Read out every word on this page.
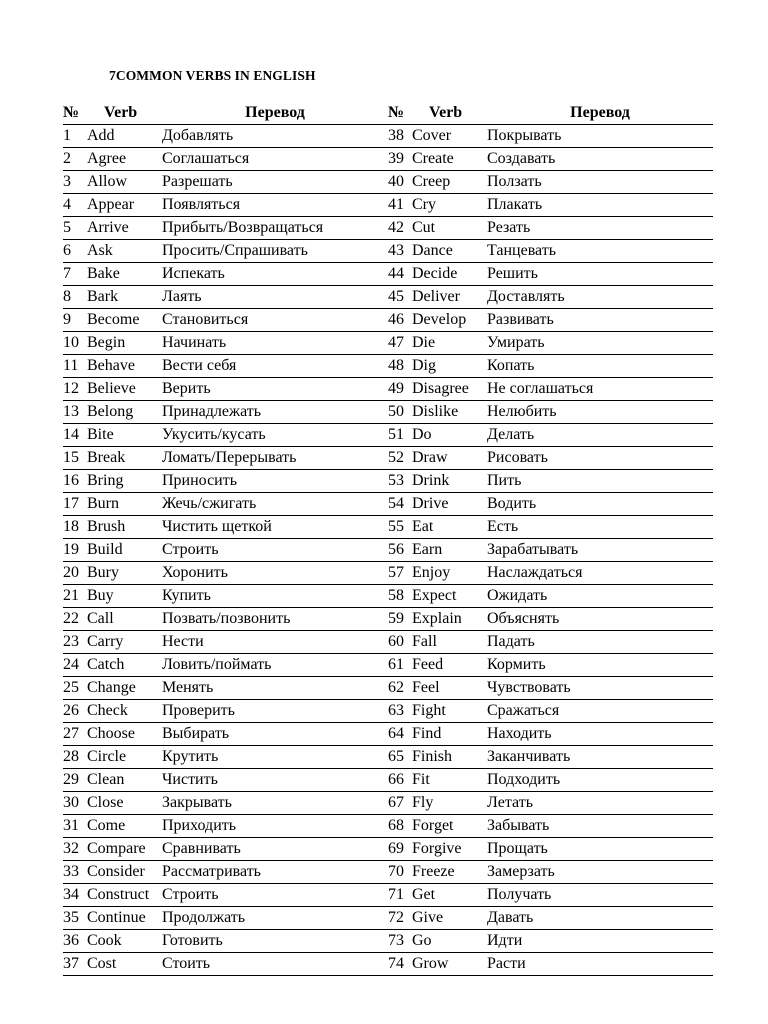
7COMMON VERBS IN ENGLISH
№	Verb	Перевод
1	Add	Добавлять
2	Agree	Соглашаться
3	Allow	Разрешать
4	Appear	Появляться
5	Arrive	Прибыть/Возвращаться
6	Ask	Просить/Спрашивать
7	Bake	Испекать
8	Bark	Лаять
9	Become	Становиться
10	Begin	Начинать
11	Behave	Вести себя
12	Believe	Верить
13	Belong	Принадлежать
14	Bite	Укусить/кусать
15	Break	Ломать/Перерывать
16	Bring	Приносить
17	Burn	Жечь/сжигать
18	Brush	Чистить щеткой
19	Build	Строить
20	Bury	Хоронить
21	Buy	Купить
22	Call	Позвать/позвонить
23	Carry	Нести
24	Catch	Ловить/поймать
25	Change	Менять
26	Check	Проверить
27	Choose	Выбирать
28	Circle	Крутить
29	Clean	Чистить
30	Close	Закрывать
31	Come	Приходить
32	Compare	Сравнивать
33	Consider	Рассматривать
34	Construct	Строить
35	Continue	Продолжать
36	Cook	Готовить
37	Cost	Стоить
№	Verb	Перевод
38	Cover	Покрывать
39	Create	Создавать
40	Creep	Ползать
41	Cry	Плакать
42	Cut	Резать
43	Dance	Танцевать
44	Decide	Решить
45	Deliver	Доставлять
46	Develop	Развивать
47	Die	Умирать
48	Dig	Копать
49	Disagree	Не соглашаться
50	Dislike	Нелюбить
51	Do	Делать
52	Draw	Рисовать
53	Drink	Пить
54	Drive	Водить
55	Eat	Есть
56	Earn	Зарабатывать
57	Enjoy	Наслаждаться
58	Expect	Ожидать
59	Explain	Объяснять
60	Fall	Падать
61	Feed	Кормить
62	Feel	Чувствовать
63	Fight	Сражаться
64	Find	Находить
65	Finish	Заканчивать
66	Fit	Подходить
67	Fly	Летать
68	Forget	Забывать
69	Forgive	Прощать
70	Freeze	Замерзать
71	Get	Получать
72	Give	Давать
73	Go	Идти
74	Grow	Расти
